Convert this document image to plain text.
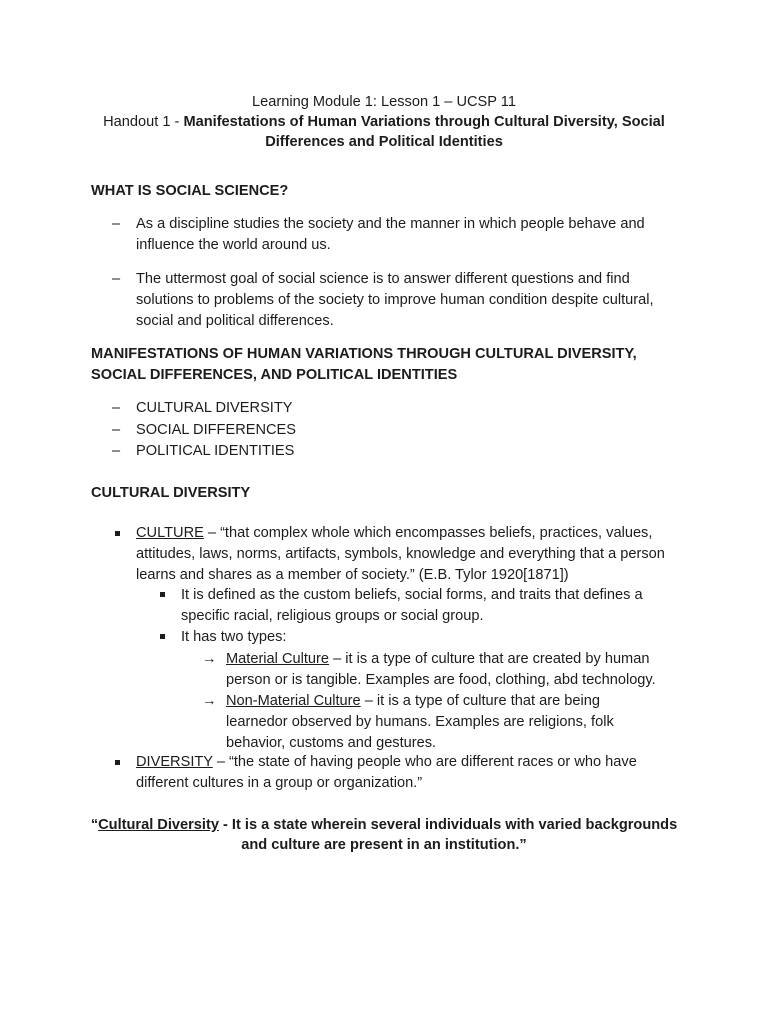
Learning Module 1: Lesson 1 – UCSP 11
Handout 1 - Manifestations of Human Variations through Cultural Diversity, Social Differences and Political Identities
WHAT IS SOCIAL SCIENCE?
– As a discipline studies the society and the manner in which people behave and influence the world around us.
– The uttermost goal of social science is to answer different questions and find solutions to problems of the society to improve human condition despite cultural, social and political differences.
MANIFESTATIONS OF HUMAN VARIATIONS THROUGH CULTURAL DIVERSITY,
SOCIAL DIFFERENCES, AND POLITICAL IDENTITIES
– CULTURAL DIVERSITY
– SOCIAL DIFFERENCES
– POLITICAL IDENTITIES
CULTURAL DIVERSITY
CULTURE – “that complex whole which encompasses beliefs, practices, values, attitudes, laws, norms, artifacts, symbols, knowledge and everything that a person learns and shares as a member of society.” (E.B. Tylor 1920[1871])
It is defined as the custom beliefs, social forms, and traits that defines a specific racial, religious groups or social group.
It has two types:
→ Material Culture – it is a type of culture that are created by human person or is tangible. Examples are food, clothing, abd technology.
→ Non-Material Culture – it is a type of culture that are being learnedor observed by humans. Examples are religions, folk behavior, customs and gestures.
DIVERSITY – “the state of having people who are different races or who have different cultures in a group or organization.”
“Cultural Diversity - It is a state wherein several individuals with varied backgrounds and culture are present in an institution.”
